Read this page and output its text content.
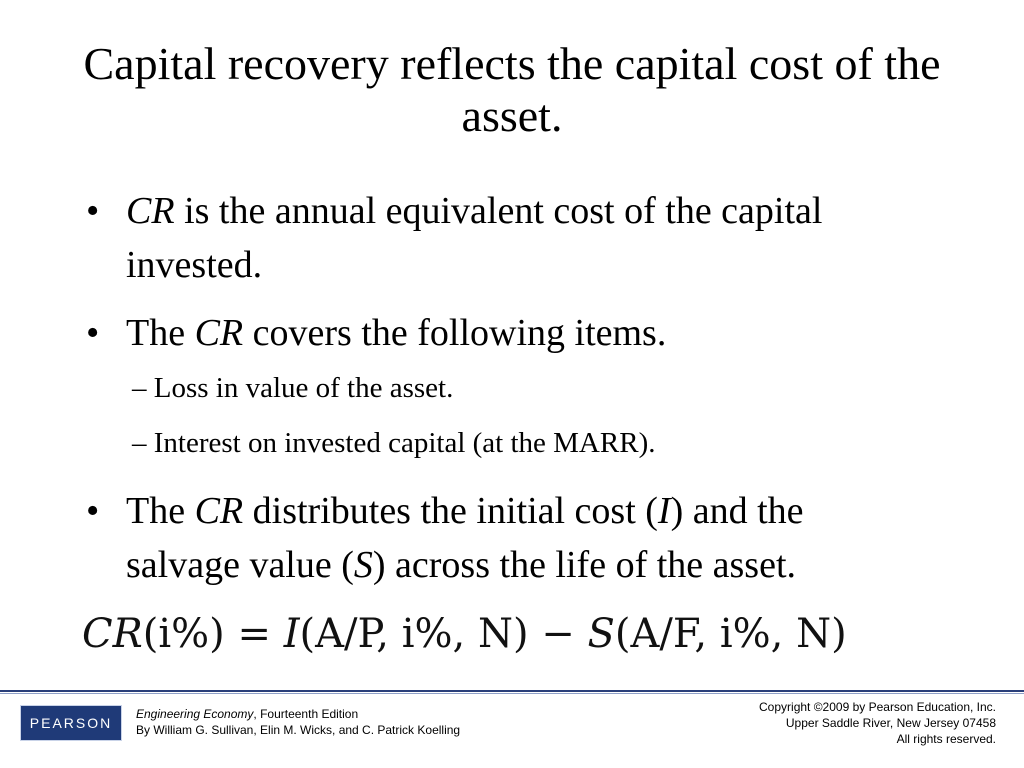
Capital recovery reflects the capital cost of the asset.
• CR is the annual equivalent cost of the capital invested.
• The CR covers the following items.
– Loss in value of the asset.
– Interest on invested capital (at the MARR).
• The CR distributes the initial cost (I) and the salvage value (S) across the life of the asset.
CR(i%) = I(A/P, i%, N) − S(A/F, i%, N)
PEARSON
Engineering Economy, Fourteenth Edition
By William G. Sullivan, Elin M. Wicks, and C. Patrick Koelling
Copyright ©2009 by Pearson Education, Inc.
Upper Saddle River, New Jersey 07458
All rights reserved.
